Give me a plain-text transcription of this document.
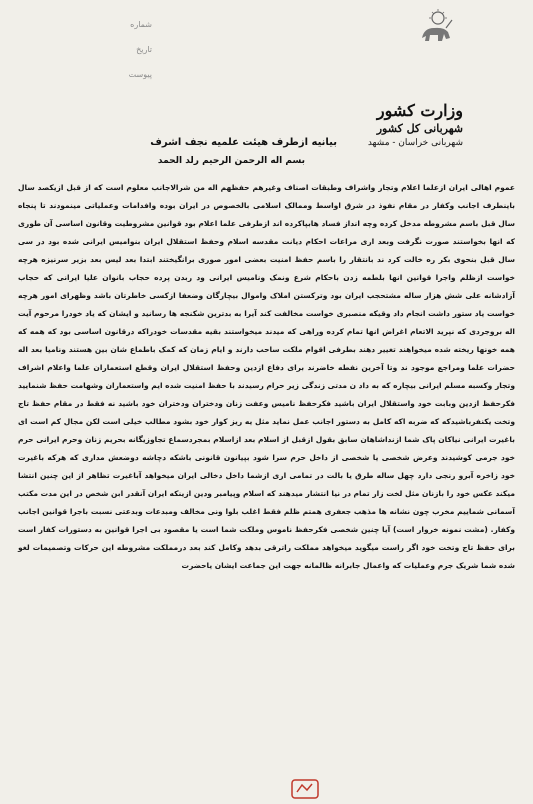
شماره
تاریخ
پیوست
وزارت کشور
شهربانی کل کشور
شهربانی خراسان - مشهد
بیانیه ازطرف هیئت علمیه نجف اشرف
بسم اله الرحمن الرحیم رلد الحمد

عموم اهالی ایران ازعلما اعلام وتجار واشراف وطبقات اصناف وغیرهم حفظهم اله من شرالاجانب معلوم است که از قبل ازیکصد سال باینطرف اجانب وکفار در مقام نفوذ در شرق اواسط وممالک اسلامی بالخصوص در ایران بوده وافدامات وعملیاتی مینمودند تا پنجاه سال قبل باسم مشروطه مدخل کرده وچه انداز فساد هابپاکرده اند ازطرفی علما اعلام بود قوانین مشروطیت وقانون اساسی آن طوری که انها بخواستند صورت نگرفت وبعد اری مراعات احکام دیانت مقدسه اسلام وحفظ استقلال ایران بنوامیس ایرانی شده بود در سی سال قبل بنحوی بکر ره خالت کرد ند بانتقار را باسم حفظ امنیت بعضی امور صوری برانگیختند ابتدا بعد لیس بعد بزیر سرنیزه هرچه خواست ازظلم واجرا قوانین انها بلطمه زدن باحکام شرع ونمک ونامیس ایرانی ود ربدن پرده حجاب بانوان علیا ایرانی که حجاب آزادشانه علی شش هزار ساله مشتحجب ایران بود وترکستن املاک واموال بیچارگان وضعفا ازکسی خاطرتان باشد وظهرای امور هرچه خواست یاد ستور داشت انجام داد وقیکه منصبری خواست مخالفت کند آیرا به بدترین شکنجه ها رسانید و ایشان که یاد خودرا مرحوم آیت اله بروجردی که نپرید الاتعام اغراض انها تمام کرده وراهی که میدند میخواستند بقیه مقدسات خودراکه درقانون اساسی بود که همه که همه خونها ریخته شده میخواهند تغییر دهند بطرفی اقوام ملکت ساحب دارند و ایام زمان که کمک باطماع شان بین هستند ونامیا بعد اله حضرات علما ومراجع موجود ند وتا آخرین نفطه خاضرند برای دفاع ازدین وحفظ استقلال ایران وقطع استعماران علما واعلام اشراف وتجار وکسبه مسلم ایرانی بیچاره که به داد ن مدتی زندگی زیر حرام رسیدند با حفظ امنیت شده ایم واستعماران وشهامت حفظ شنمایید فکرحفظ ازدین وبابت خود واستقلال ایران باشید فکرحفظ نامیس وعفت زنان ودختران ودختران خود باشید نه فقط در مقام حفظ تاج وتخت یکنفرباشیدکه که ضربه اکه کامل به دستور اجانب عمل نماید مثل یه ریز کوار خود بشود مطالب خیلی است لکن مجال کم است ای باغیرت ایرانی نیاکان پاک شما ازنداشاهان سابق بقول ازقبل از اسلام بعد ازاسلام بمجردسماع تجاوزیگانه بحریم زنان وحرم ایرانی حرم خود جرمی کوشیدند وعرض شخصی یا شخصی از داخل حرم سرا شود بپیانون قانونی باشکه دچاشه دوضعش مداری که هرکه باغیرت خود زاخره آبرو رنجی دارد چهل ساله طرق یا بالت در تمامی اری ازشما داخل دخالی ایران میخواهد آباغیرت تظاهر از این چنین انتشا میکند عکس خود را بازنان مثل لخت زار تمام در نیا انتشار میدهند که اسلام وپیامبر ودین ازینکه ایران آنقدر ابن شخص در این مدت مکتب آسمانی شماییم مخرب چون نشانه ها مذهب جعفری همتم ظلم فقط اغلب بلوا ونی مخالف ومبدعات وبدعتی نسبت باجرا قوانین اجانب وکفار. (مشت نمونه خروار است) آیا چنین شخصی فکرحفظ ناموس وملکت شما است یا مقصود بی اجرا قوانین به دستورات کفار است برای حفظ تاج وتخت خود اگر راست میگوید میخواهد مملکت راترقی بدهد وکامل کند بعد درمملکت مشروطه این حرکات وتصمیمات لغو شده شما شریک جرم وعملیات که واعمال جابرانه ظالمانه جهت این جماعت ایشان یاحضرت
